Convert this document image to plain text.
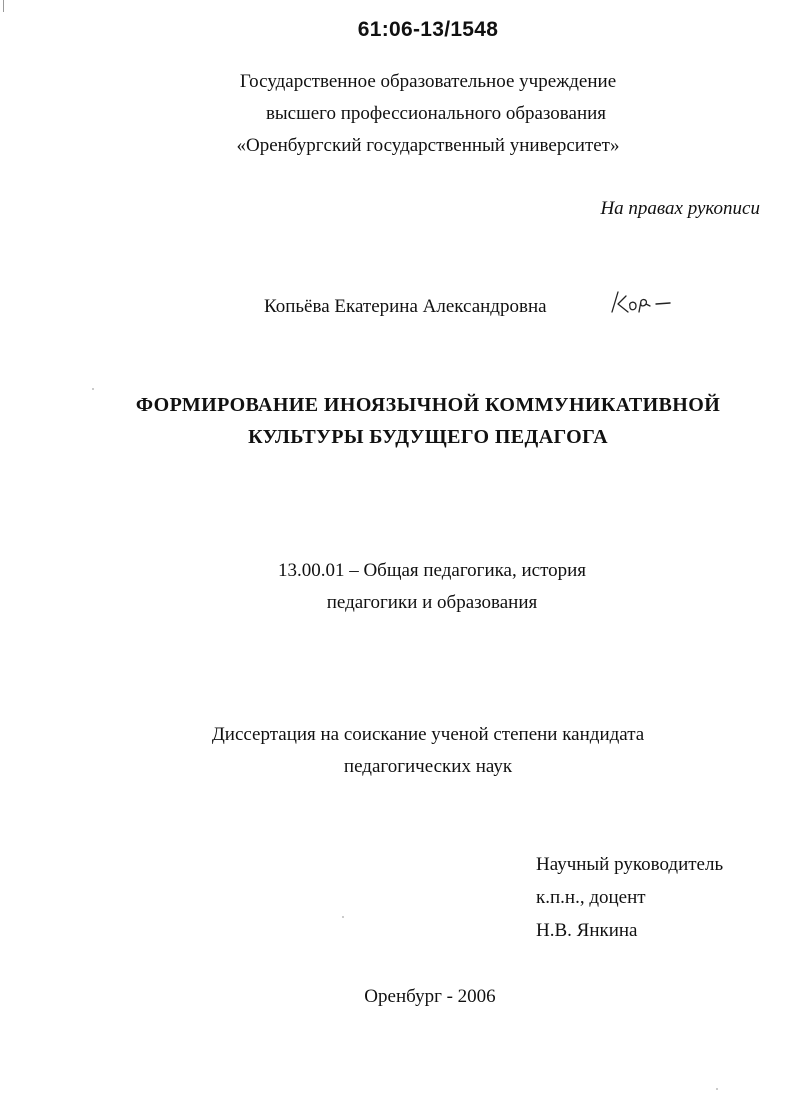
61:06-13/1548
Государственное образовательное учреждение
высшего профессионального образования
«Оренбургский государственный университет»
На правах рукописи
Копьёва Екатерина Александровна
ФОРМИРОВАНИЕ ИНОЯЗЫЧНОЙ КОММУНИКАТИВНОЙ
КУЛЬТУРЫ БУДУЩЕГО ПЕДАГОГА
13.00.01 – Общая педагогика, история
педагогики и образования
Диссертация на соискание ученой степени кандидата
педагогических наук
Научный руководитель
к.п.н., доцент
Н.В. Янкина
Оренбург - 2006
